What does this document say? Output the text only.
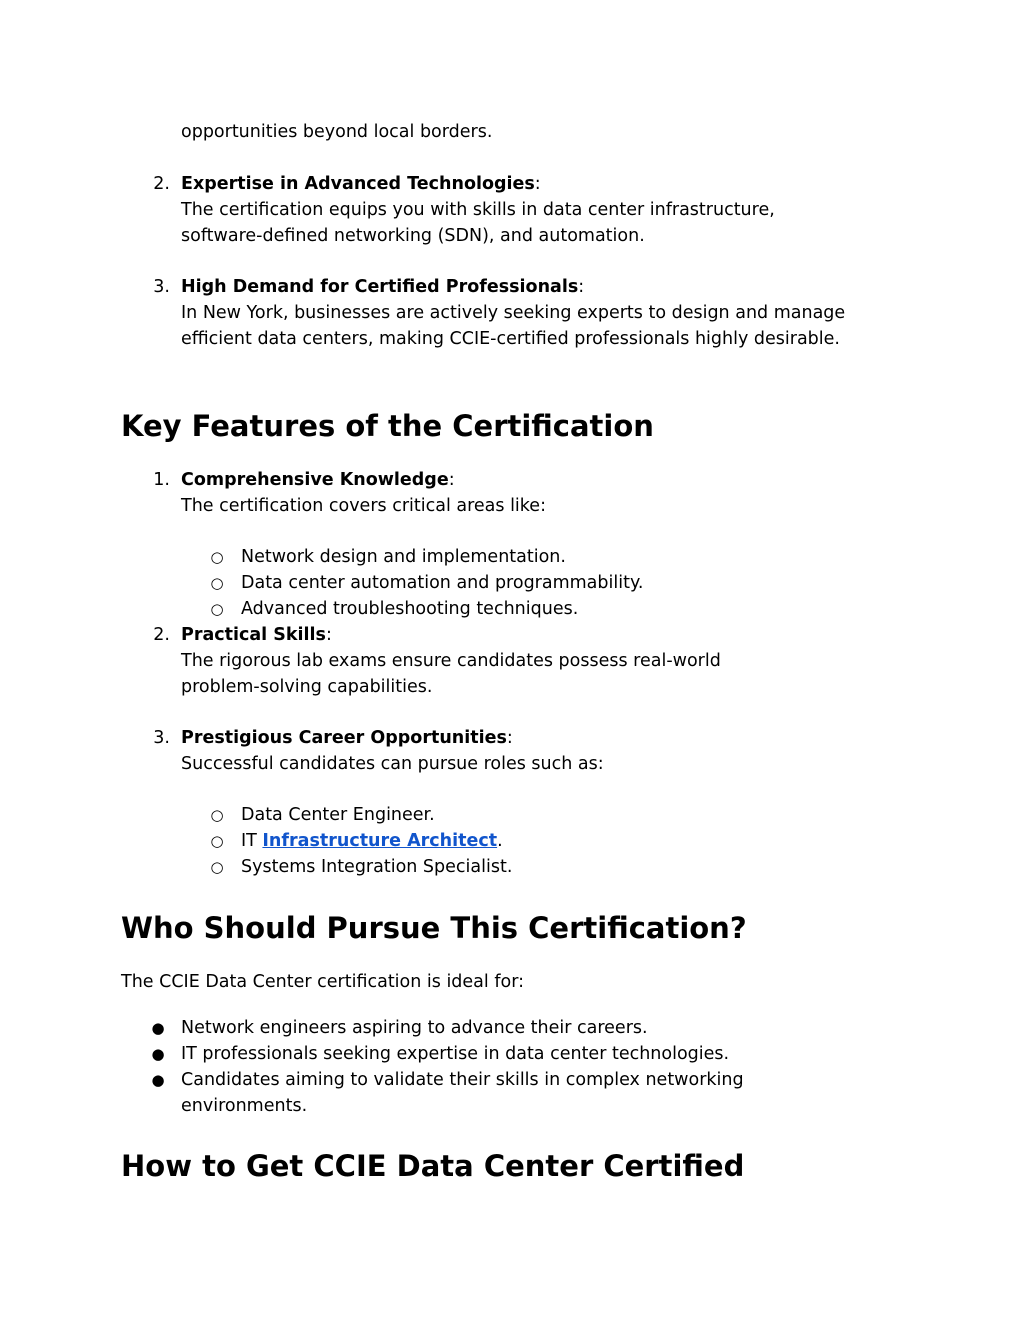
opportunities beyond local borders.
2. Expertise in Advanced Technologies:
The certification equips you with skills in data center infrastructure,
software-defined networking (SDN), and automation.
3. High Demand for Certified Professionals:
In New York, businesses are actively seeking experts to design and manage
efficient data centers, making CCIE-certified professionals highly desirable.
Key Features of the Certification
1. Comprehensive Knowledge:
The certification covers critical areas like:
○ Network design and implementation.
○ Data center automation and programmability.
○ Advanced troubleshooting techniques.
2. Practical Skills:
The rigorous lab exams ensure candidates possess real-world
problem-solving capabilities.
3. Prestigious Career Opportunities:
Successful candidates can pursue roles such as:
○ Data Center Engineer.
○ IT Infrastructure Architect.
○ Systems Integration Specialist.
Who Should Pursue This Certification?
The CCIE Data Center certification is ideal for:
● Network engineers aspiring to advance their careers.
● IT professionals seeking expertise in data center technologies.
● Candidates aiming to validate their skills in complex networking
environments.
How to Get CCIE Data Center Certified
